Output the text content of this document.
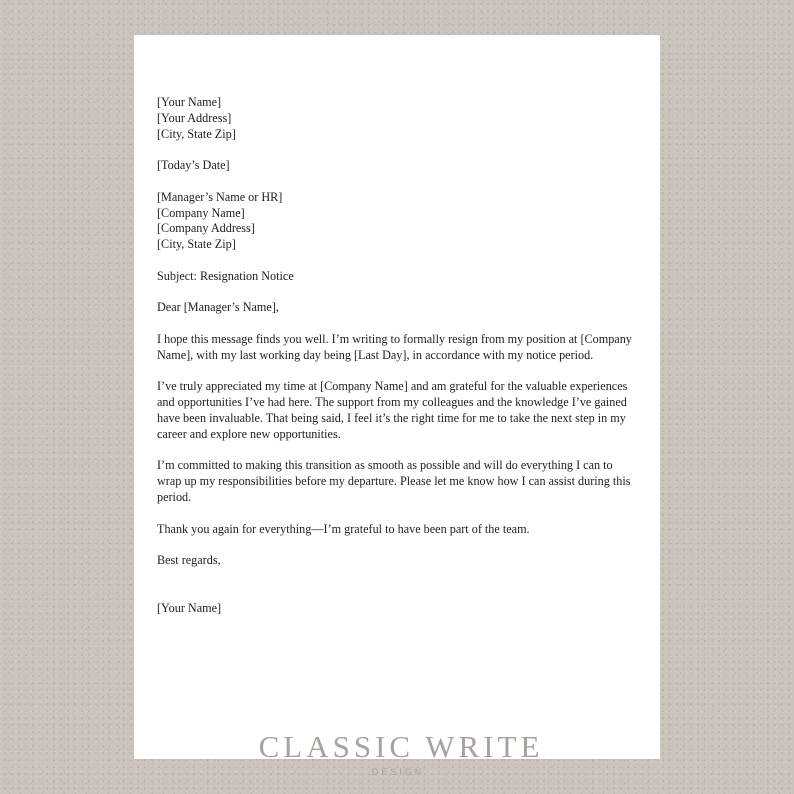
[Your Name]
[Your Address]
[City, State Zip]
[Today’s Date]
[Manager’s Name or HR]
[Company Name]
[Company Address]
[City, State Zip]
Subject: Resignation Notice
Dear [Manager’s Name],

I hope this message finds you well. I’m writing to formally resign from my position at [Company Name], with my last working day being [Last Day], in accordance with my notice period.

I’ve truly appreciated my time at [Company Name] and am grateful for the valuable experiences and opportunities I’ve had here. The support from my colleagues and the knowledge I’ve gained have been invaluable. That being said, I feel it’s the right time for me to take the next step in my career and explore new opportunities.

I’m committed to making this transition as smooth as possible and will do everything I can to wrap up my responsibilities before my departure. Please let me know how I can assist during this period.

Thank you again for everything—I’m grateful to have been part of the team.

Best regards,
[Your Name]
CLASSIC WRITE
DESIGN
